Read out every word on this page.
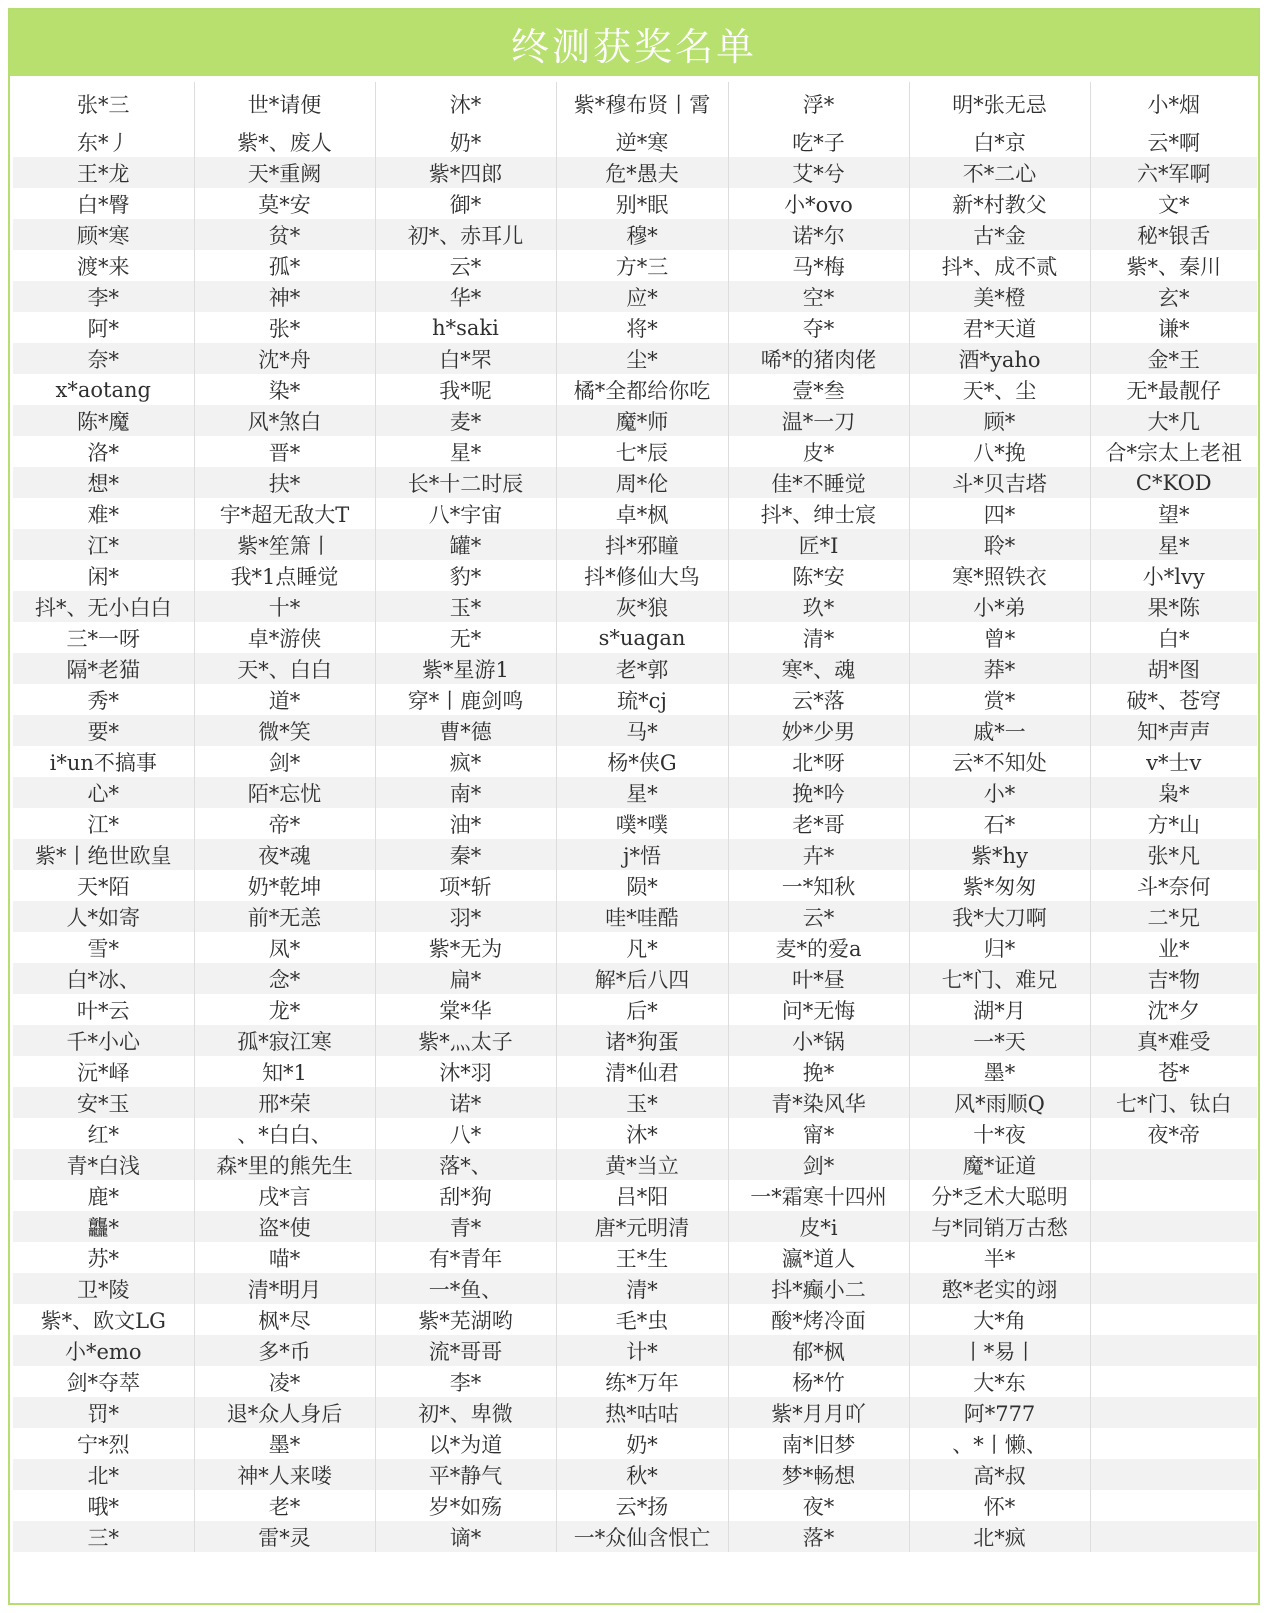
终测获奖名单
张*三	世*请便	沐*	紫*穆布贤丨霄	浮*	明*张无忌	小*烟
东*丿	紫*、废人	奶*	逆*寒	吃*子	白*京	云*啊
王*龙	天*重阙	紫*四郎	危*愚夫	艾*兮	不*二心	六*军啊
白*臀	莫*安	御*	别*眠	小*ovo	新*村教父	文*
顾*寒	贫*	初*、赤耳儿	穆*	诺*尔	古*金	秘*银舌
渡*来	孤*	云*	方*三	马*梅	抖*、成不贰	紫*、秦川
李*	神*	华*	应*	空*	美*橙	玄*
阿*	张*	h*saki	将*	夺*	君*天道	谦*
奈*	沈*舟	白*罘	尘*	唏*的猪肉佬	酒*yaho	金*王
x*aotang	染*	我*呢	橘*全都给你吃	壹*叁	天*、尘	无*最靓仔
陈*魔	风*煞白	麦*	魔*师	温*一刀	顾*	大*几
洛*	晋*	星*	七*辰	皮*	八*挽	合*宗太上老祖
想*	扶*	长*十二时辰	周*伦	佳*不睡觉	斗*贝吉塔	C*KOD
难*	宇*超无敌大T	八*宇宙	卓*枫	抖*、绅士宸	四*	望*
江*	紫*笙箫丨	罐*	抖*邪瞳	匠*I	聆*	星*
闲*	我*1点睡觉	豹*	抖*修仙大鸟	陈*安	寒*照铁衣	小*lvy
抖*、无小白白	十*	玉*	灰*狼	玖*	小*弟	果*陈
三*一呀	卓*游侠	无*	s*uagan	清*	曾*	白*
隔*老猫	天*、白白	紫*星游1	老*郭	寒*、魂	莽*	胡*图
秀*	道*	穿*丨鹿剑鸣	琉*cj	云*落	赏*	破*、苍穹
要*	微*笑	曹*德	马*	妙*少男	戚*一	知*声声
i*un不搞事	剑*	疯*	杨*侠G	北*呀	云*不知处	v*士v
心*	陌*忘忧	南*	星*	挽*吟	小*	枭*
江*	帝*	油*	噗*噗	老*哥	石*	方*山
紫*丨绝世欧皇	夜*魂	秦*	j*悟	卉*	紫*hy	张*凡
天*陌	奶*乾坤	项*斩	陨*	一*知秋	紫*匆匆	斗*奈何
人*如寄	前*无恙	羽*	哇*哇酷	云*	我*大刀啊	二*兄
雪*	凤*	紫*无为	凡*	麦*的爱a	归*	业*
白*冰、	念*	扁*	解*后八四	叶*昼	七*门、难兄	吉*物
叶*云	龙*	棠*华	后*	问*无悔	湖*月	沈*夕
千*小心	孤*寂江寒	紫*灬太子	诸*狗蛋	小*锅	一*天	真*难受
沅*峄	知*1	沐*羽	清*仙君	挽*	墨*	苍*
安*玉	邢*荣	诺*	玉*	青*染风华	风*雨顺Q	七*门、钛白
红*	、*白白、	八*	沐*	甯*	十*夜	夜*帝
青*白浅	森*里的熊先生	落*、	黄*当立	剑*	魔*证道	
鹿*	戌*言	刮*狗	吕*阳	一*霜寒十四州	分*乏术大聪明	
龘*	盗*使	青*	唐*元明清	皮*i	与*同销万古愁	
苏*	喵*	有*青年	王*生	瀛*道人	半*	
卫*陵	清*明月	一*鱼、	清*	抖*癫小二	憨*老实的翊	
紫*、欧文LG	枫*尽	紫*芜湖哟	毛*虫	酸*烤冷面	大*角	
小*emo	多*币	流*哥哥	计*	郁*枫	丨*易丨	
剑*夺萃	凌*	李*	练*万年	杨*竹	大*东	
罚*	退*众人身后	初*、卑微	热*咕咕	紫*月月吖	阿*777	
宁*烈	墨*	以*为道	奶*	南*旧梦	、*丨懒、	
北*	神*人来喽	平*静气	秋*	梦*畅想	高*叔	
哦*	老*	岁*如殇	云*扬	夜*	怀*	
三*	雷*灵	谪*	一*众仙含恨亡	落*	北*疯	
